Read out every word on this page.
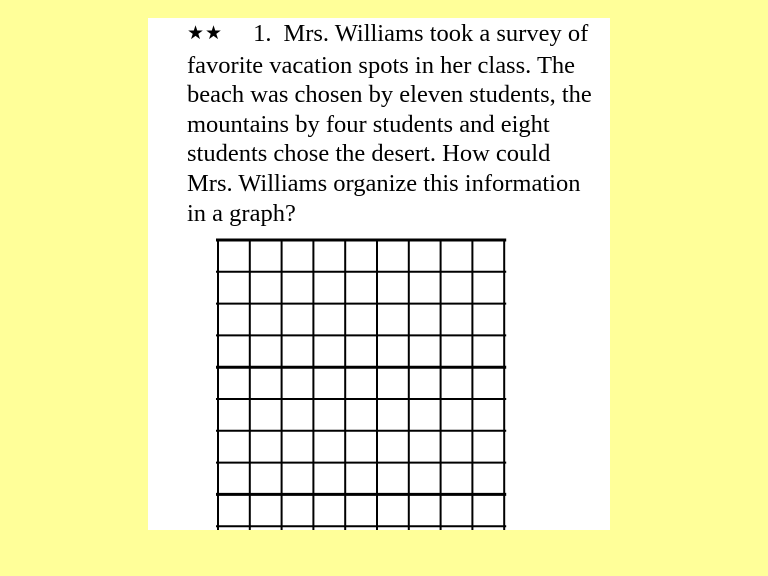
★★ 1. Mrs. Williams took a survey of
favorite vacation spots in her class. The
beach was chosen by eleven students, the
mountains by four students and eight
students chose the desert. How could
Mrs. Williams organize this information
in a graph?
